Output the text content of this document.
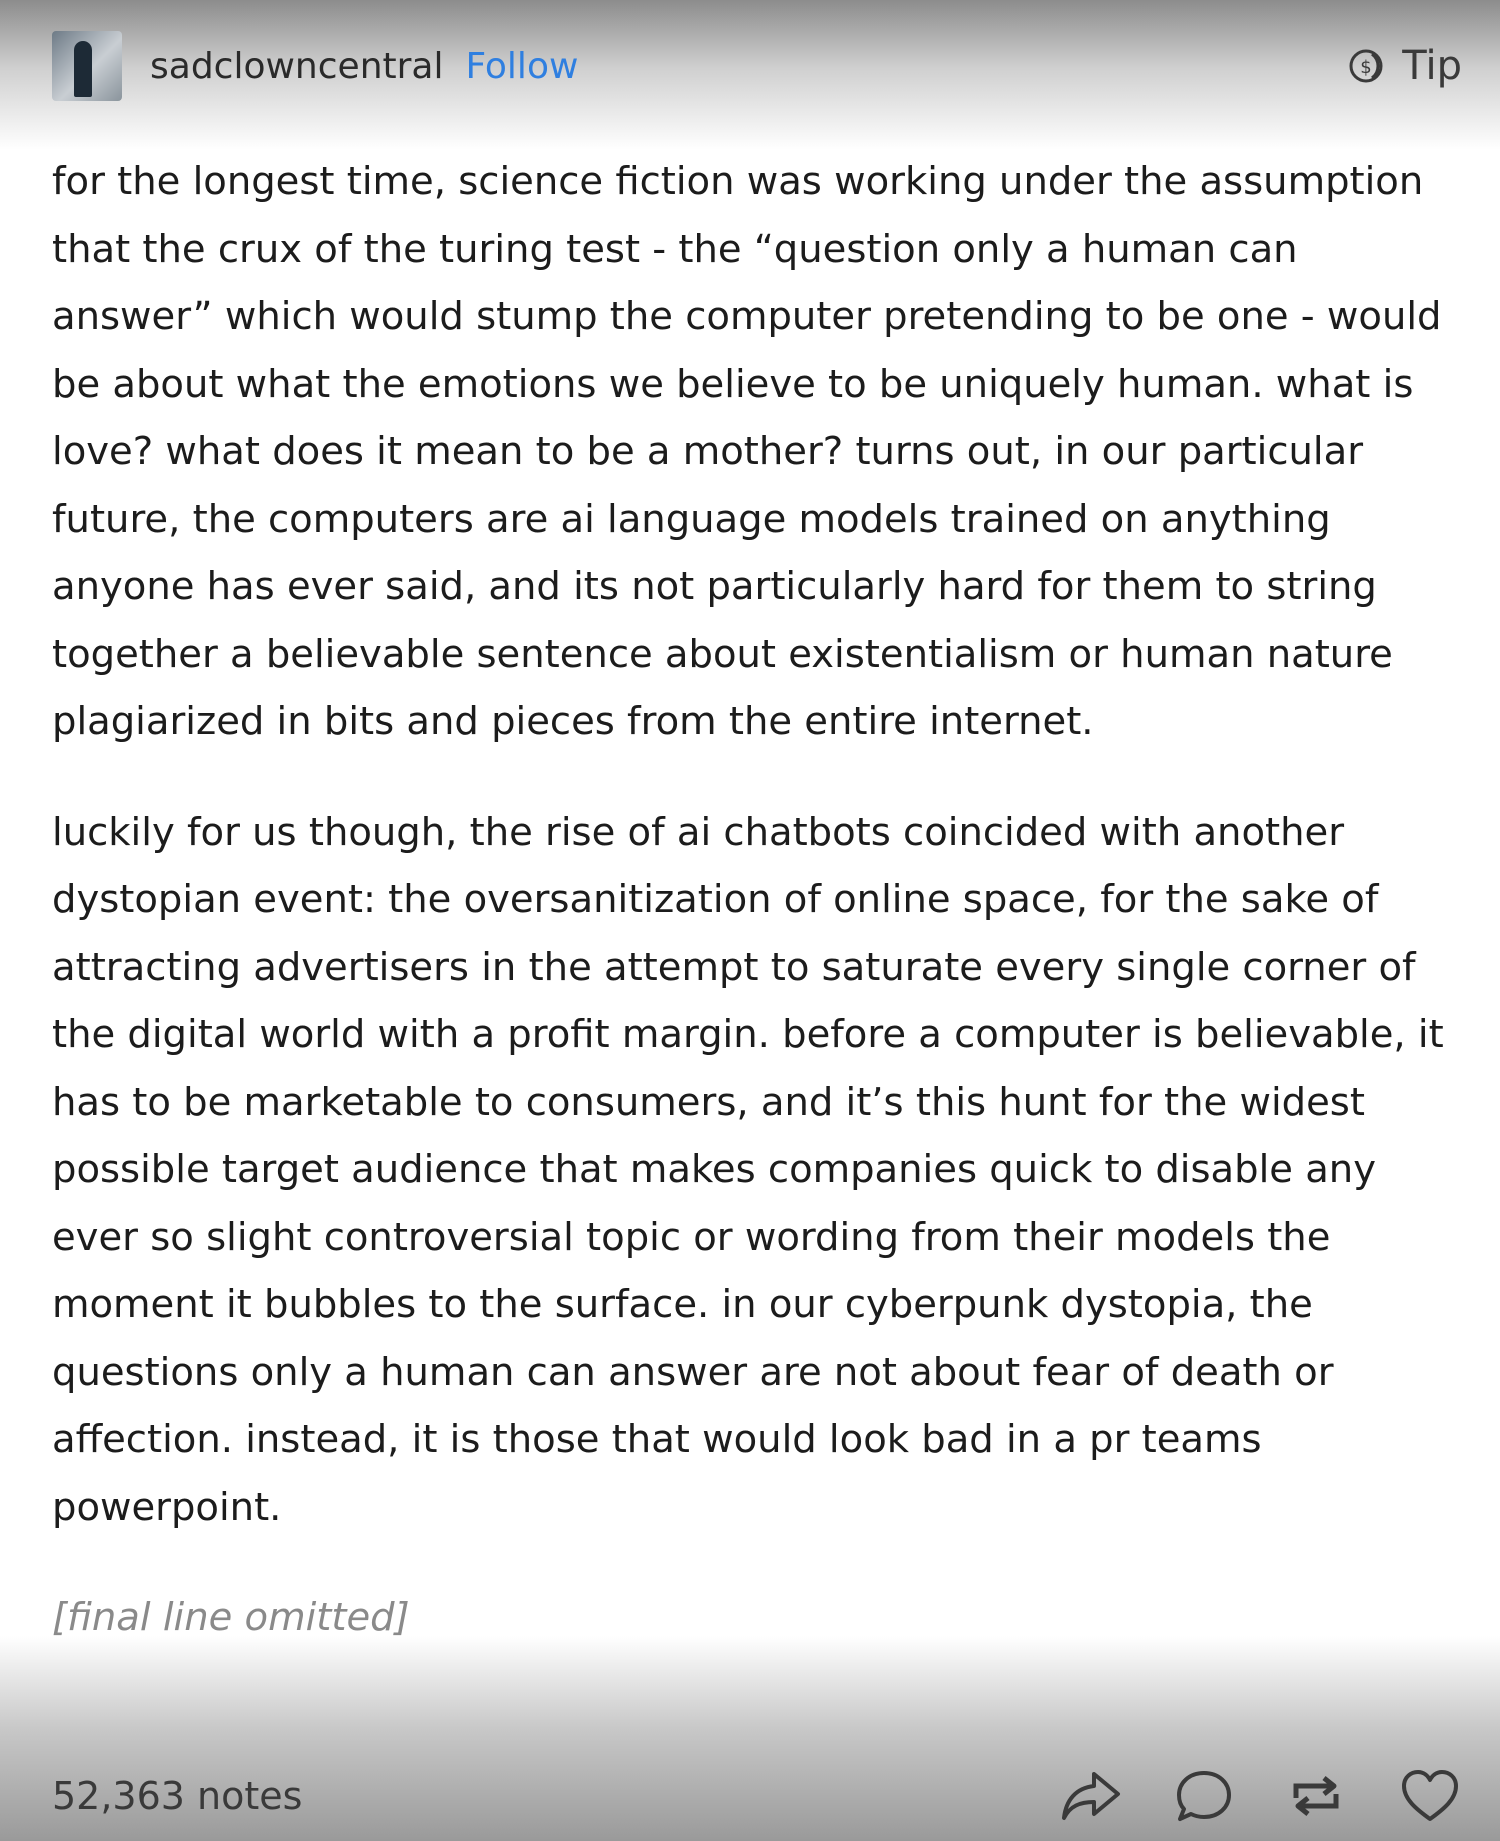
sadclowncentral Follow	$ Tip

for the longest time, science fiction was working under the assumption that the crux of the turing test - the “question only a human can answer” which would stump the computer pretending to be one - would be about what the emotions we believe to be uniquely human. what is love? what does it mean to be a mother? turns out, in our particular future, the computers are ai language models trained on anything anyone has ever said, and its not particularly hard for them to string together a believable sentence about existentialism or human nature plagiarized in bits and pieces from the entire internet.

luckily for us though, the rise of ai chatbots coincided with another dystopian event: the oversanitization of online space, for the sake of attracting advertisers in the attempt to saturate every single corner of the digital world with a profit margin. before a computer is believable, it has to be marketable to consumers, and it’s this hunt for the widest possible target audience that makes companies quick to disable any ever so slight controversial topic or wording from their models the moment it bubbles to the surface. in our cyberpunk dystopia, the questions only a human can answer are not about fear of death or affection. instead, it is those that would look bad in a pr teams powerpoint.

[final line omitted]

52,363 notes
